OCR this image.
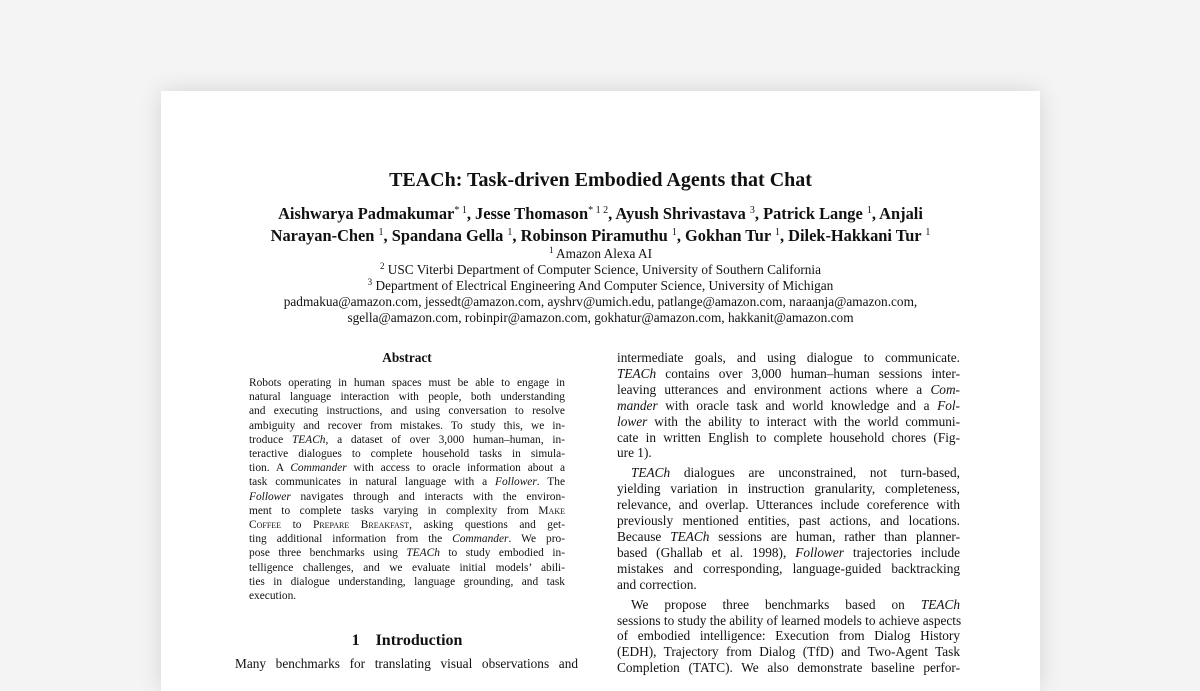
TEACh: Task-driven Embodied Agents that Chat
Aishwarya Padmakumar$^{* 1}$, Jesse Thomason$^{* 1 2}$, Ayush Shrivastava $^3$, Patrick Lange $^1$, Anjali
Narayan-Chen $^1$, Spandana Gella $^1$, Robinson Piramuthu $^1$, Gokhan Tur $^1$, Dilek-Hakkani Tur $^1$
$^1$ Amazon Alexa AI
$^2$ USC Viterbi Department of Computer Science, University of Southern California
$^3$ Department of Electrical Engineering And Computer Science, University of Michigan
padmakua@amazon.com, jessedt@amazon.com, ayshrv@umich.edu, patlange@amazon.com, naraanja@amazon.com,
sgella@amazon.com, robinpir@amazon.com, gokhatur@amazon.com, hakkanit@amazon.com
Abstract
Robots operating in human spaces must be able to engage in
natural language interaction with people, both understanding
and executing instructions, and using conversation to resolve
ambiguity and recover from mistakes. To study this, we in-
troduce TEACh, a dataset of over 3,000 human–human, in-
teractive dialogues to complete household tasks in simula-
tion. A Commander with access to oracle information about a
task communicates in natural language with a Follower. The
Follower navigates through and interacts with the environ-
ment to complete tasks varying in complexity from Make
Coffee to Prepare Breakfast, asking questions and get-
ting additional information from the Commander. We pro-
pose three benchmarks using TEACh to study embodied in-
telligence challenges, and we evaluate initial models’ abili-
ties in dialogue understanding, language grounding, and task
execution.
1 Introduction
Many benchmarks for translating visual observations and
intermediate goals, and using dialogue to communicate.
TEACh contains over 3,000 human–human sessions inter-
leaving utterances and environment actions where a Com-
mander with oracle task and world knowledge and a Fol-
lower with the ability to interact with the world communi-
cate in written English to complete household chores (Fig-
ure 1).
TEACh dialogues are unconstrained, not turn-based,
yielding variation in instruction granularity, completeness,
relevance, and overlap. Utterances include coreference with
previously mentioned entities, past actions, and locations.
Because TEACh sessions are human, rather than planner-
based (Ghallab et al. 1998), Follower trajectories include
mistakes and corresponding, language-guided backtracking
and correction.
We propose three benchmarks based on TEACh
sessions to study the ability of learned models to achieve aspects
of embodied intelligence: Execution from Dialog History
(EDH), Trajectory from Dialog (TfD) and Two-Agent Task
Completion (TATC). We also demonstrate baseline perfor-
